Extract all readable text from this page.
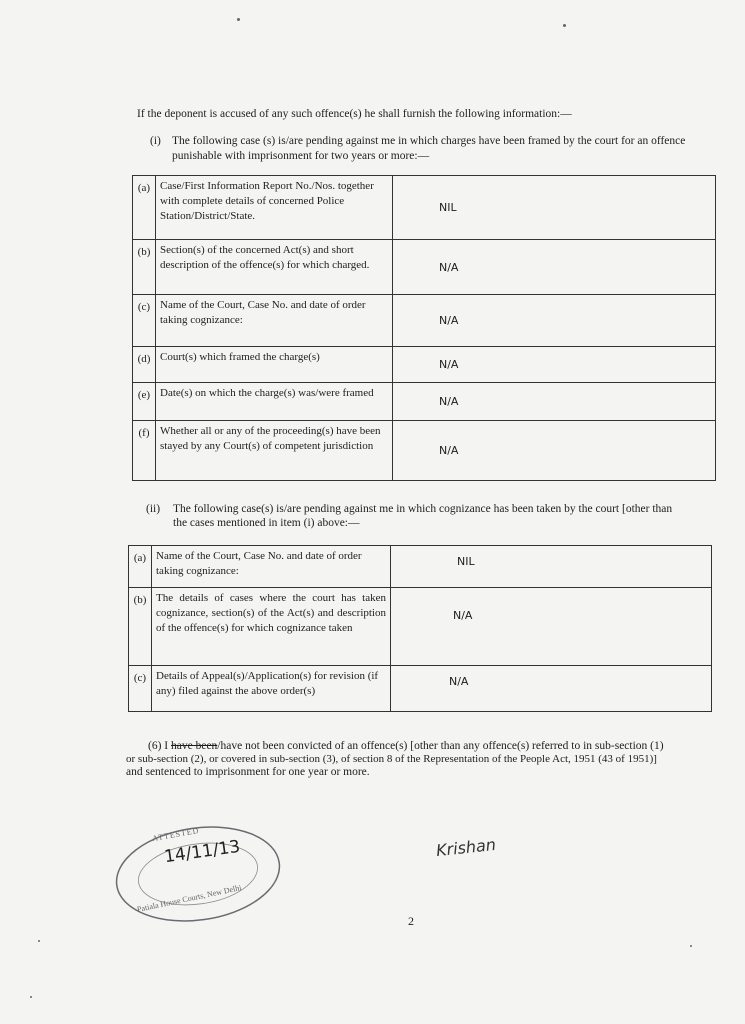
If the deponent is accused of any such offence(s) he shall furnish the following information:—
(i) The following case (s) is/are pending against me in which charges have been framed by the court for an offence
punishable with imprisonment for two years or more:—
(a)	Case/First Information Report No./Nos. together with complete details of concerned Police Station/District/State.	NIL
(b)	Section(s) of the concerned Act(s) and short description of the offence(s) for which charged.	N/A
(c)	Name of the Court, Case No. and date of order taking cognizance:	N/A
(d)	Court(s) which framed the charge(s)	N/A
(e)	Date(s) on which the charge(s) was/were framed	N/A
(f)	Whether all or any of the proceeding(s) have been stayed by any Court(s) of competent jurisdiction	N/A
(ii) The following case(s) is/are pending against me in which cognizance has been taken by the court [other than
the cases mentioned in item (i) above:—
(a)	Name of the Court, Case No. and date of order taking cognizance:	NIL
(b)	The details of cases where the court has taken cognizance, section(s) of the Act(s) and description of the offence(s) for which cognizance taken	N/A
(c)	Details of Appeal(s)/Application(s) for revision (if any) filed against the above order(s)	N/A
(6) I have been/have not been convicted of an offence(s) [other than any offence(s) referred to in sub-section (1)
or sub-section (2), or covered in sub-section (3), of section 8 of the Representation of the People Act, 1951 (43 of 1951)]
and sentenced to imprisonment for one year or more.
ATTESTED
14/11/13
Patiala House Courts, New Delhi
Krishan
2
